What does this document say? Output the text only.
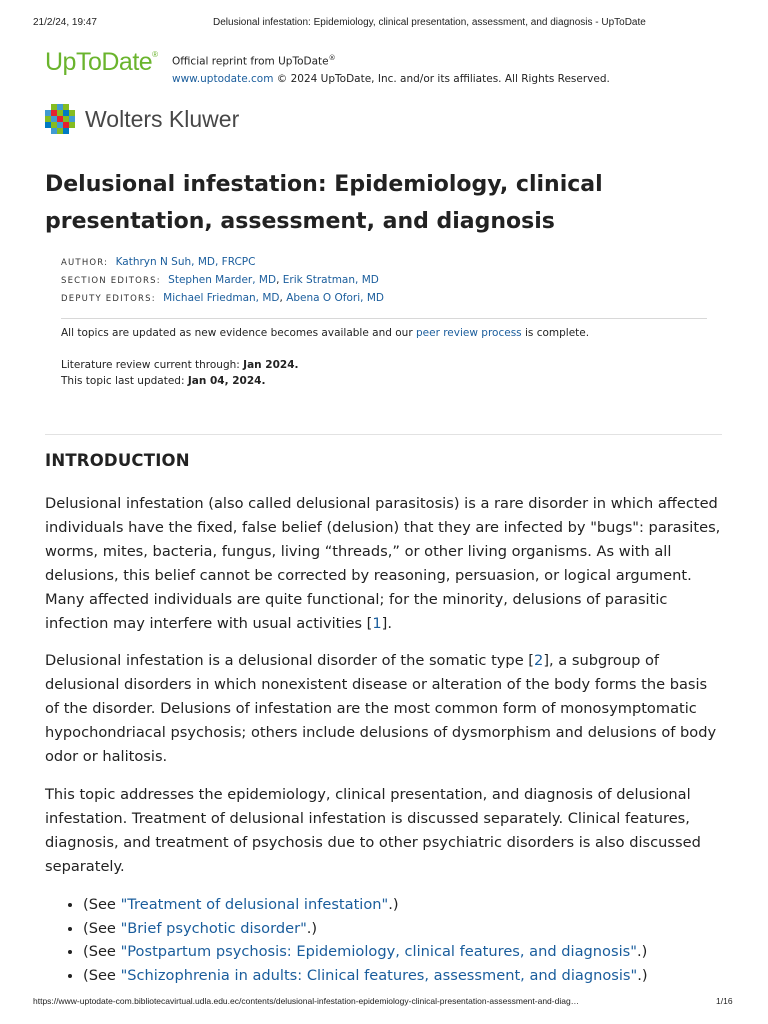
21/2/24, 19:47	Delusional infestation: Epidemiology, clinical presentation, assessment, and diagnosis - UpToDate
UpToDate®
Official reprint from UpToDate®
www.uptodate.com © 2024 UpToDate, Inc. and/or its affiliates. All Rights Reserved.
Wolters Kluwer
Delusional infestation: Epidemiology, clinical presentation, assessment, and diagnosis
AUTHOR: Kathryn N Suh, MD, FRCPC
SECTION EDITORS: Stephen Marder, MD, Erik Stratman, MD
DEPUTY EDITORS: Michael Friedman, MD, Abena O Ofori, MD
All topics are updated as new evidence becomes available and our peer review process is complete.
Literature review current through: Jan 2024.
This topic last updated: Jan 04, 2024.
INTRODUCTION

Delusional infestation (also called delusional parasitosis) is a rare disorder in which affected individuals have the fixed, false belief (delusion) that they are infected by "bugs": parasites, worms, mites, bacteria, fungus, living “threads,” or other living organisms. As with all delusions, this belief cannot be corrected by reasoning, persuasion, or logical argument. Many affected individuals are quite functional; for the minority, delusions of parasitic infection may interfere with usual activities [1].

Delusional infestation is a delusional disorder of the somatic type [2], a subgroup of delusional disorders in which nonexistent disease or alteration of the body forms the basis of the disorder. Delusions of infestation are the most common form of monosymptomatic hypochondriacal psychosis; others include delusions of dysmorphism and delusions of body odor or halitosis.

This topic addresses the epidemiology, clinical presentation, and diagnosis of delusional infestation. Treatment of delusional infestation is discussed separately. Clinical features, diagnosis, and treatment of psychosis due to other psychiatric disorders is also discussed separately.

• (See "Treatment of delusional infestation".)
• (See "Brief psychotic disorder".)
• (See "Postpartum psychosis: Epidemiology, clinical features, and diagnosis".)
• (See "Schizophrenia in adults: Clinical features, assessment, and diagnosis".)
https://www-uptodate-com.bibliotecavirtual.udla.edu.ec/contents/delusional-infestation-epidemiology-clinical-presentation-assessment-and-diag…	1/16
